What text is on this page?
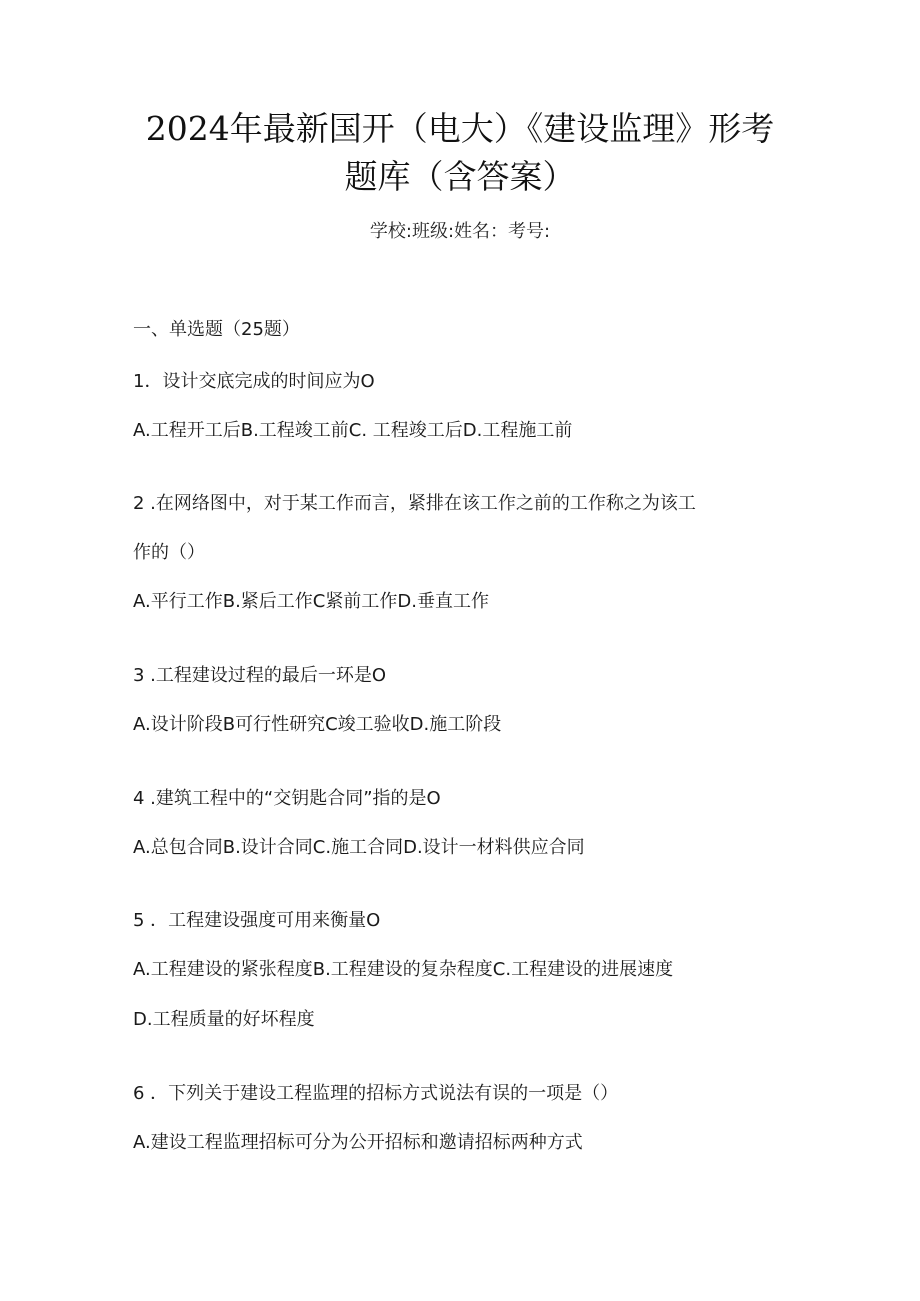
2024年最新国开（电大）《建设监理》形考
题库（含答案）
学校:班级:姓名：考号:
一、单选题（25题）
1．设计交底完成的时间应为O
A.工程开工后B.工程竣工前C. 工程竣工后D.工程施工前
2 .在网络图中，对于某工作而言，紧排在该工作之前的工作称之为该工
作的（）
A.平行工作B.紧后工作C紧前工作D.垂直工作
3 .工程建设过程的最后一环是O
A.设计阶段B可行性研究C竣工验收D.施工阶段
4 .建筑工程中的“交钥匙合同”指的是O
A.总包合同B.设计合同C.施工合同D.设计一材料供应合同
5 ．工程建设强度可用来衡量O
A.工程建设的紧张程度B.工程建设的复杂程度C.工程建设的进展速度
D.工程质量的好坏程度
6 ．下列关于建设工程监理的招标方式说法有误的一项是（）
A.建设工程监理招标可分为公开招标和邀请招标两种方式
